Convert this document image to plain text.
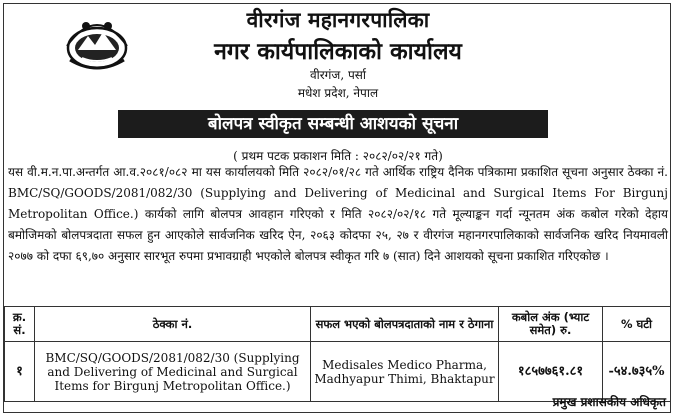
वीरगंज महानगरपालिका
नगर कार्यपालिकाको कार्यालय
वीरगंज, पर्सा
मधेश प्रदेश, नेपाल
बोलपत्र स्वीकृत सम्बन्धी आशयको सूचना
( प्रथम पटक प्रकाशन मिति : २०८२/०२/२१ गते)

यस वी.म.न.पा.अन्तर्गत आ.व.२०८१/०८२ मा यस कार्यालयको मिति २०८२/०१/२८ गते आर्थिक राष्ट्रिय दैनिक पत्रिकामा प्रकाशित सूचना अनुसार ठेक्का नं. BMC/SQ/GOODS/2081/082/30 (Supplying and Delivering of Medicinal and Surgical Items For Birgunj Metropolitan Office.) कार्यको लागि बोलपत्र आवहान गरिएको र मिति २०८२/०२/१८ गते मूल्याङ्कन गर्दा न्यूनतम अंक कबोल गरेको देहाय बमोजिमको बोलपत्रदाता सफल हुन आएकोले सार्वजनिक खरिद ऐन, २०६३ कोदफा २५, २७ र वीरगंज महानगरपालिकाको सार्वजनिक खरिद नियमावली २०७७ को दफा ६९,७० अनुसार सारभूत रुपमा प्रभावग्राही भएकोले बोलपत्र स्वीकृत गरि ७ (सात) दिने आशयको सूचना प्रकाशित गरिएकोछ ।

क्र. सं.	ठेक्का नं.	सफल भएको बोलपत्रदाताको नाम र ठेगाना	कबोल अंक (भ्याट समेत) रु.	% घटी
१	BMC/SQ/GOODS/2081/082/30 (Supplying and Delivering of Medicinal and Surgical Items for Birgunj Metropolitan Office.)	Medisales Medico Pharma, Madhyapur Thimi, Bhaktapur	१८५७७६१.८१	-५४.७३५%
प्रमुख प्रशासकीय अधिकृत
